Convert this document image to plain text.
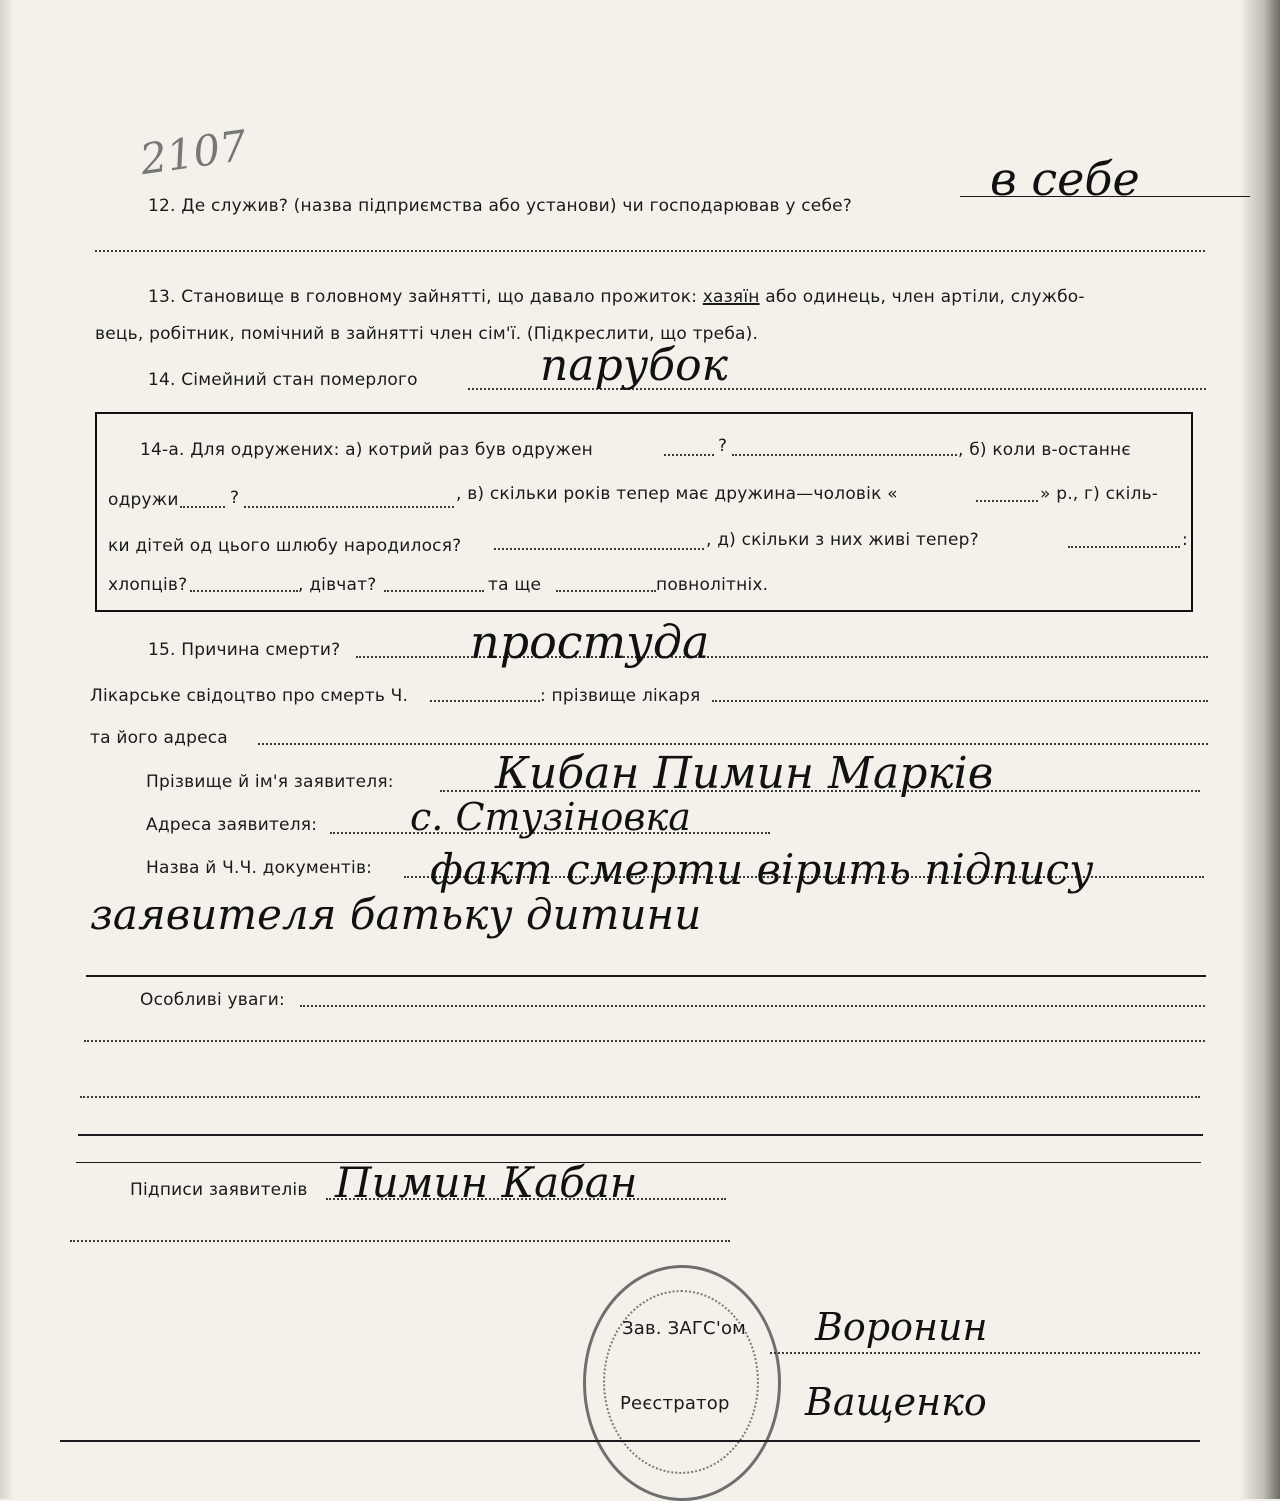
2107
12. Де служив? (назва підприємства або установи) чи господарював у себе?	в себе
13. Становище в головному зайнятті, що давало прожиток: хазяїн або одинець, член артіли, службо-
вець, робітник, помічний в зайнятті член сім'ї. (Підкреслити, що треба).
14. Сімейний стан померлого	парубок
14-а. Для одружених: а) котрий раз був одружен	?	, б) коли в-останнє
одружи	?	, в) скільки років тепер має дружина—чоловік «	» р., г) скіль-
ки дітей од цього шлюбу народилося?	, д) скільки з них живі тепер?	:
хлопців?	, дівчат?	та ще	повнолітніх.
15. Причина смерти?	простуда
Лікарське свідоцтво про смерть Ч.	: прізвище лікаря
та його адреса
Прізвище й ім'я заявителя: Кибан Пимин Марків
Адреса заявителя: с. Стузіновка
Назва й Ч.Ч. документів: факт смерти вірить підпису
заявителя батьку дитини
Особливі уваги:
Підписи заявителів Пимин Кабан
Зав. ЗАГС'ом Воронин
Реєстратор Ващенко
